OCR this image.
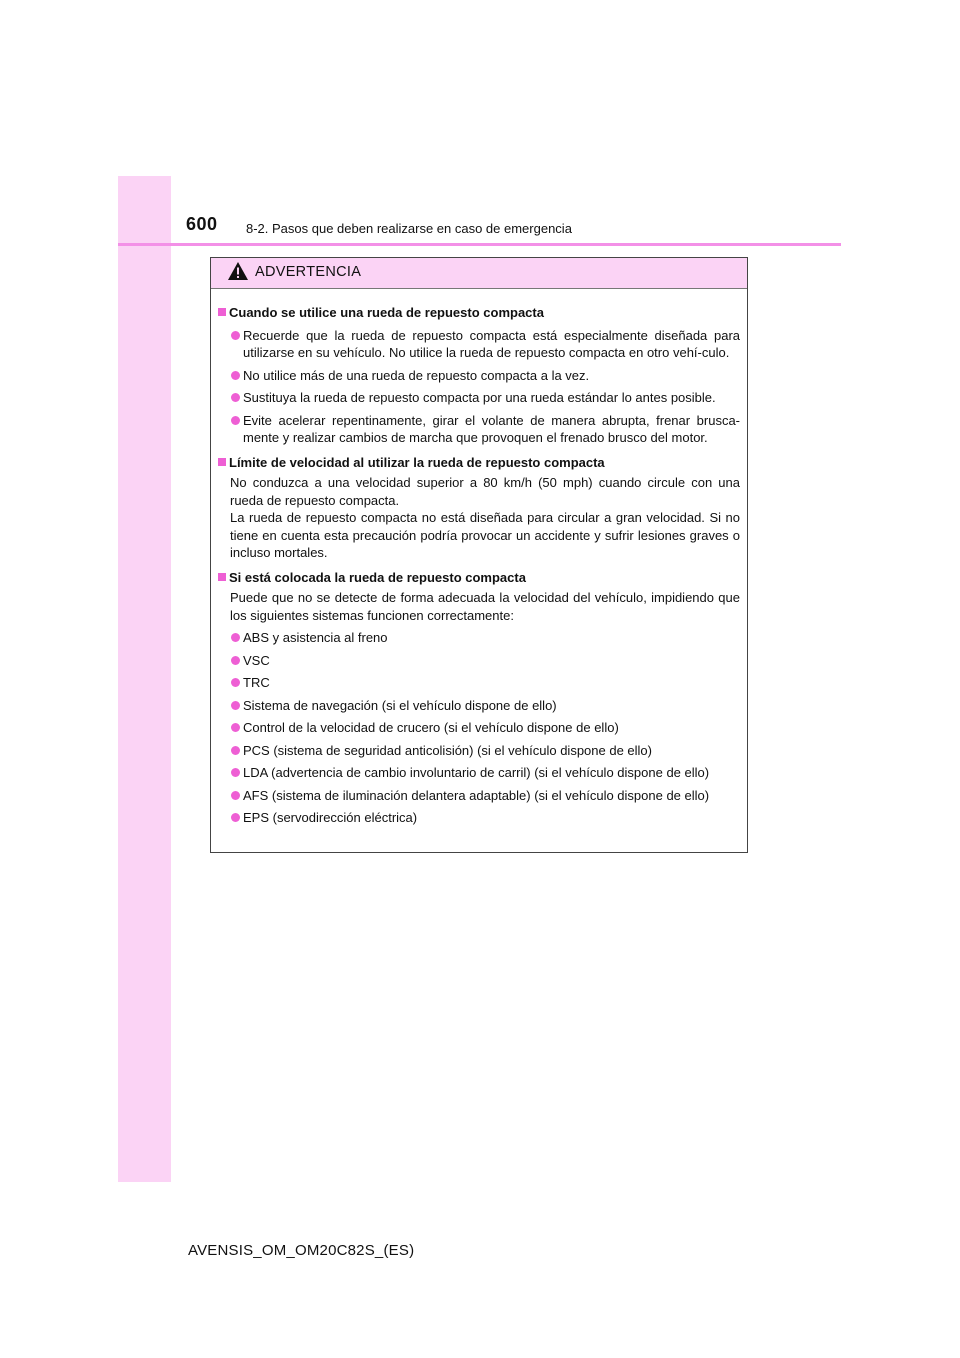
600 8-2. Pasos que deben realizarse en caso de emergencia
ADVERTENCIA
Cuando se utilice una rueda de repuesto compacta
Recuerde que la rueda de repuesto compacta está especialmente diseñada para utilizarse en su vehículo. No utilice la rueda de repuesto compacta en otro vehí-culo.
No utilice más de una rueda de repuesto compacta a la vez.
Sustituya la rueda de repuesto compacta por una rueda estándar lo antes posible.
Evite acelerar repentinamente, girar el volante de manera abrupta, frenar brusca-mente y realizar cambios de marcha que provoquen el frenado brusco del motor.
Límite de velocidad al utilizar la rueda de repuesto compacta
No conduzca a una velocidad superior a 80 km/h (50 mph) cuando circule con una rueda de repuesto compacta.
La rueda de repuesto compacta no está diseñada para circular a gran velocidad. Si no tiene en cuenta esta precaución podría provocar un accidente y sufrir lesiones graves o incluso mortales.
Si está colocada la rueda de repuesto compacta
Puede que no se detecte de forma adecuada la velocidad del vehículo, impidiendo que los siguientes sistemas funcionen correctamente:
ABS y asistencia al freno
VSC
TRC
Sistema de navegación (si el vehículo dispone de ello)
Control de la velocidad de crucero (si el vehículo dispone de ello)
PCS (sistema de seguridad anticolisión) (si el vehículo dispone de ello)
LDA (advertencia de cambio involuntario de carril) (si el vehículo dispone de ello)
AFS (sistema de iluminación delantera adaptable) (si el vehículo dispone de ello)
EPS (servodirección eléctrica)
AVENSIS_OM_OM20C82S_(ES)
